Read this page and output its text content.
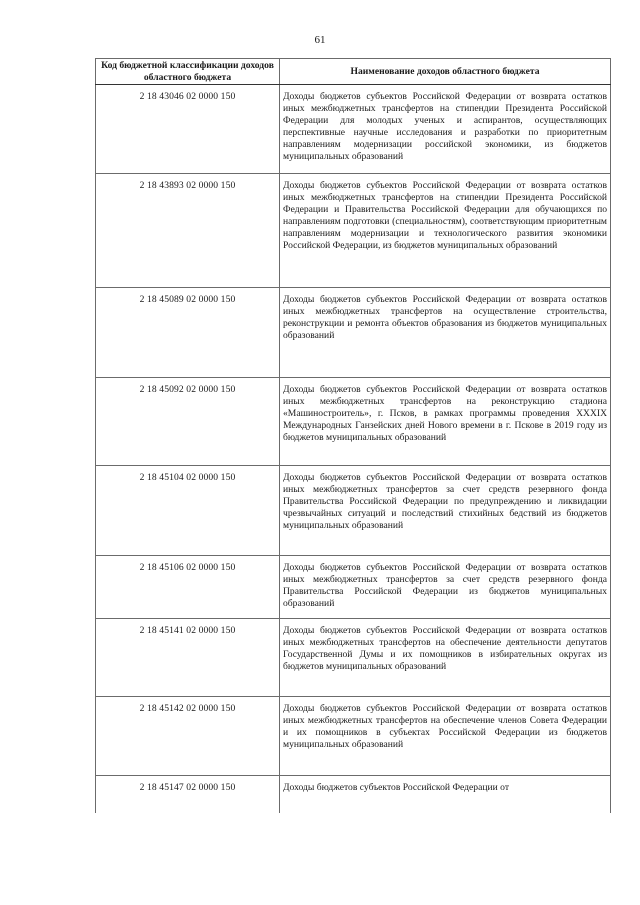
61
Код бюджетной классификации доходов областного бюджета	Наименование доходов областного бюджета
2 18 43046 02 0000 150	Доходы бюджетов субъектов Российской Федерации от возврата остатков иных межбюджетных трансфертов на стипендии Президента Российской Федерации для молодых ученых и аспирантов, осуществляющих перспективные научные исследования и разработки по приоритетным направлениям модернизации российской экономики, из бюджетов муниципальных образований
2 18 43893 02 0000 150	Доходы бюджетов субъектов Российской Федерации от возврата остатков иных межбюджетных трансфертов на стипендии Президента Российской Федерации и Правительства Российской Федерации для обучающихся по направлениям подготовки (специальностям), соответствующим приоритетным направлениям модернизации и технологического развития экономики Российской Федерации, из бюджетов муниципальных образований
2 18 45089 02 0000 150	Доходы бюджетов субъектов Российской Федерации от возврата остатков иных межбюджетных трансфертов на осуществление строительства, реконструкции и ремонта объектов образования из бюджетов муниципальных образований
2 18 45092 02 0000 150	Доходы бюджетов субъектов Российской Федерации от возврата остатков иных межбюджетных трансфертов на реконструкцию стадиона «Машиностроитель», г. Псков, в рамках программы проведения XXXIX Международных Ганзейских дней Нового времени в г. Пскове в 2019 году из бюджетов муниципальных образований
2 18 45104 02 0000 150	Доходы бюджетов субъектов Российской Федерации от возврата остатков иных межбюджетных трансфертов за счет средств резервного фонда Правительства Российской Федерации по предупреждению и ликвидации чрезвычайных ситуаций и последствий стихийных бедствий из бюджетов муниципальных образований
2 18 45106 02 0000 150	Доходы бюджетов субъектов Российской Федерации от возврата остатков иных межбюджетных трансфертов за счет средств резервного фонда Правительства Российской Федерации из бюджетов муниципальных образований
2 18 45141 02 0000 150	Доходы бюджетов субъектов Российской Федерации от возврата остатков иных межбюджетных трансфертов на обеспечение деятельности депутатов Государственной Думы и их помощников в избирательных округах из бюджетов муниципальных образований
2 18 45142 02 0000 150	Доходы бюджетов субъектов Российской Федерации от возврата остатков иных межбюджетных трансфертов на обеспечение членов Совета Федерации и их помощников в субъектах Российской Федерации из бюджетов муниципальных образований
2 18 45147 02 0000 150	Доходы бюджетов субъектов Российской Федерации от
